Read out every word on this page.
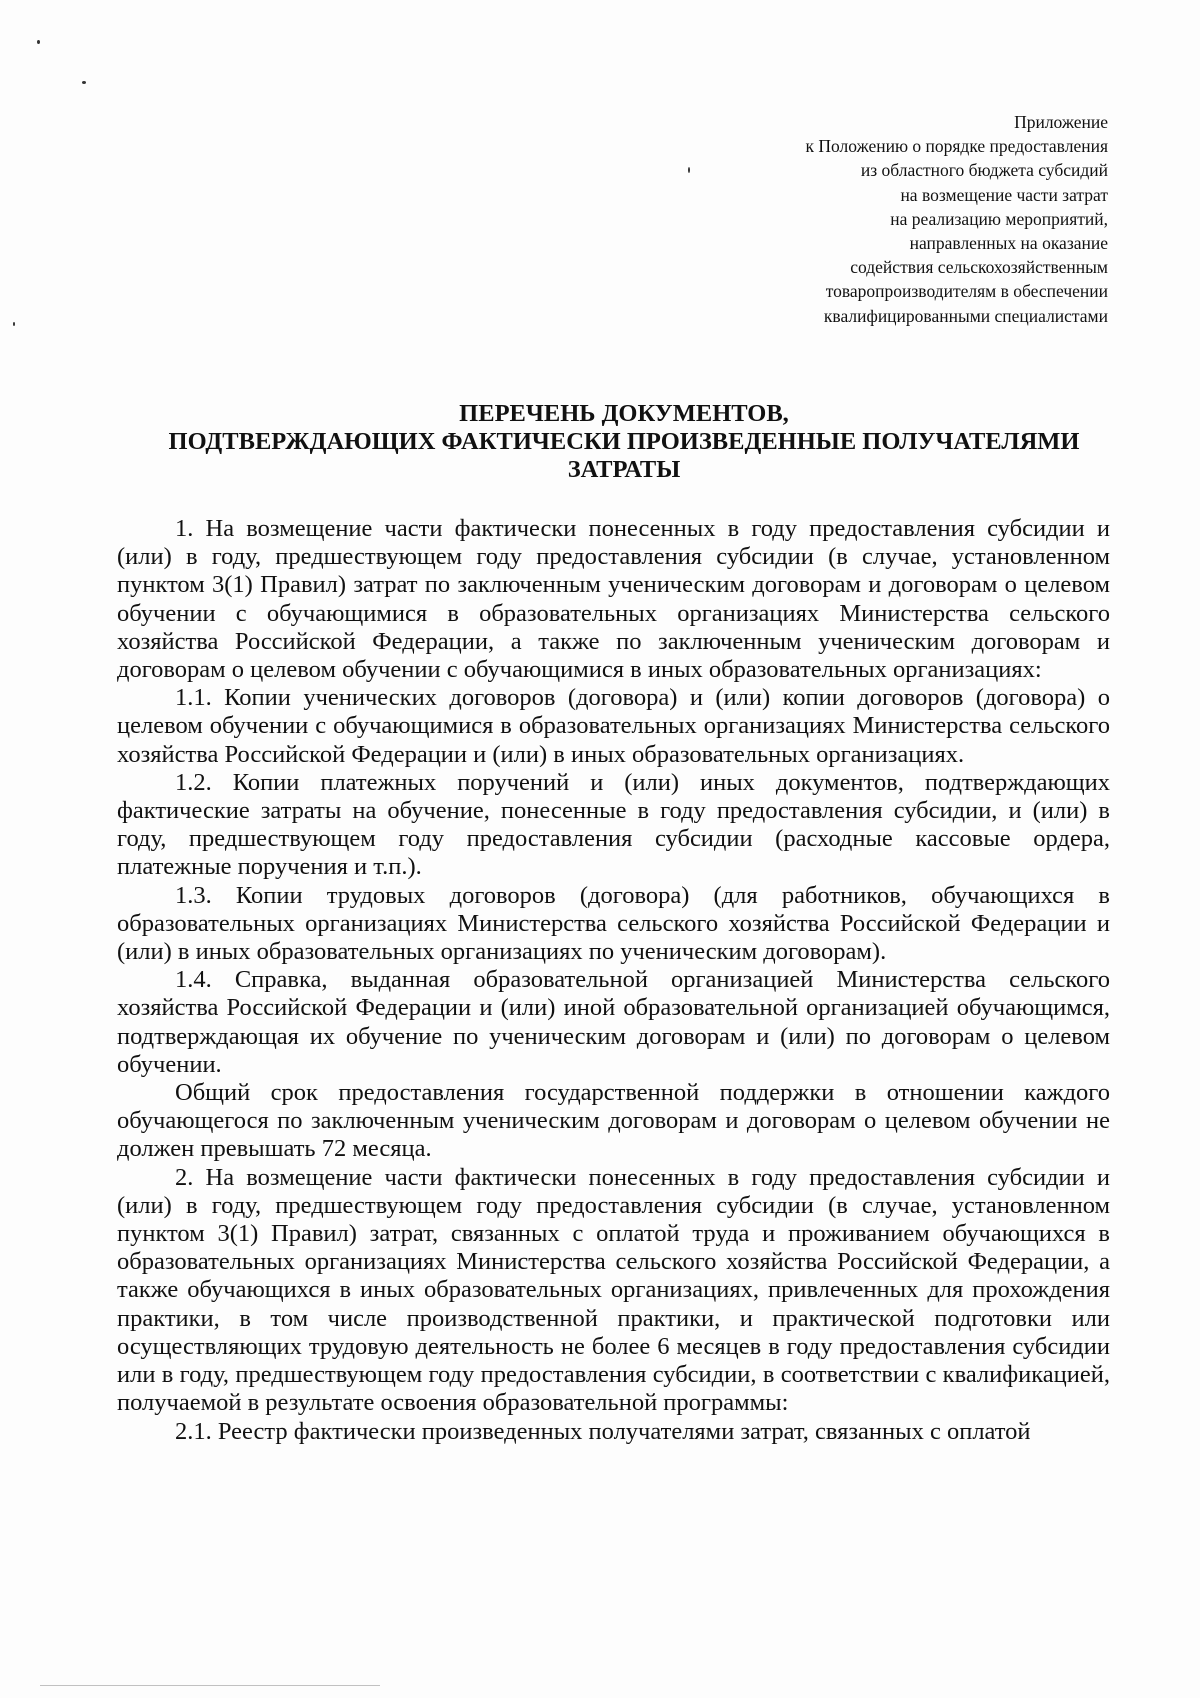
Приложение
к Положению о порядке предоставления
из областного бюджета субсидий
на возмещение части затрат
на реализацию мероприятий,
направленных на оказание
содействия сельскохозяйственным
товаропроизводителям в обеспечении
квалифицированными специалистами
ПЕРЕЧЕНЬ ДОКУМЕНТОВ,
ПОДТВЕРЖДАЮЩИХ ФАКТИЧЕСКИ ПРОИЗВЕДЕННЫЕ ПОЛУЧАТЕЛЯМИ
ЗАТРАТЫ

1. На возмещение части фактически понесенных в году предоставления субсидии и (или) в году, предшествующем году предоставления субсидии (в случае, установленном пунктом 3(1) Правил) затрат по заключенным ученическим договорам и договорам о целевом обучении с обучающимися в образовательных организациях Министерства сельского хозяйства Российской Федерации, а также по заключенным ученическим договорам и договорам о целевом обучении с обучающимися в иных образовательных организациях:

1.1. Копии ученических договоров (договора) и (или) копии договоров (договора) о целевом обучении с обучающимися в образовательных организациях Министерства сельского хозяйства Российской Федерации и (или) в иных образовательных организациях.

1.2. Копии платежных поручений и (или) иных документов, подтверждающих фактические затраты на обучение, понесенные в году предоставления субсидии, и (или) в году, предшествующем году предоставления субсидии (расходные кассовые ордера, платежные поручения и т.п.).

1.3. Копии трудовых договоров (договора) (для работников, обучающихся в образовательных организациях Министерства сельского хозяйства Российской Федерации и (или) в иных образовательных организациях по ученическим договорам).

1.4. Справка, выданная образовательной организацией Министерства сельского хозяйства Российской Федерации и (или) иной образовательной организацией обучающимся, подтверждающая их обучение по ученическим договорам и (или) по договорам о целевом обучении.

Общий срок предоставления государственной поддержки в отношении каждого обучающегося по заключенным ученическим договорам и договорам о целевом обучении не должен превышать 72 месяца.

2. На возмещение части фактически понесенных в году предоставления субсидии и (или) в году, предшествующем году предоставления субсидии (в случае, установленном пунктом 3(1) Правил) затрат, связанных с оплатой труда и проживанием обучающихся в образовательных организациях Министерства сельского хозяйства Российской Федерации, а также обучающихся в иных образовательных организациях, привлеченных для прохождения практики, в том числе производственной практики, и практической подготовки или осуществляющих трудовую деятельность не более 6 месяцев в году предоставления субсидии или в году, предшествующем году предоставления субсидии, в соответствии с квалификацией, получаемой в результате освоения образовательной программы:

2.1. Реестр фактически произведенных получателями затрат, связанных с оплатой
